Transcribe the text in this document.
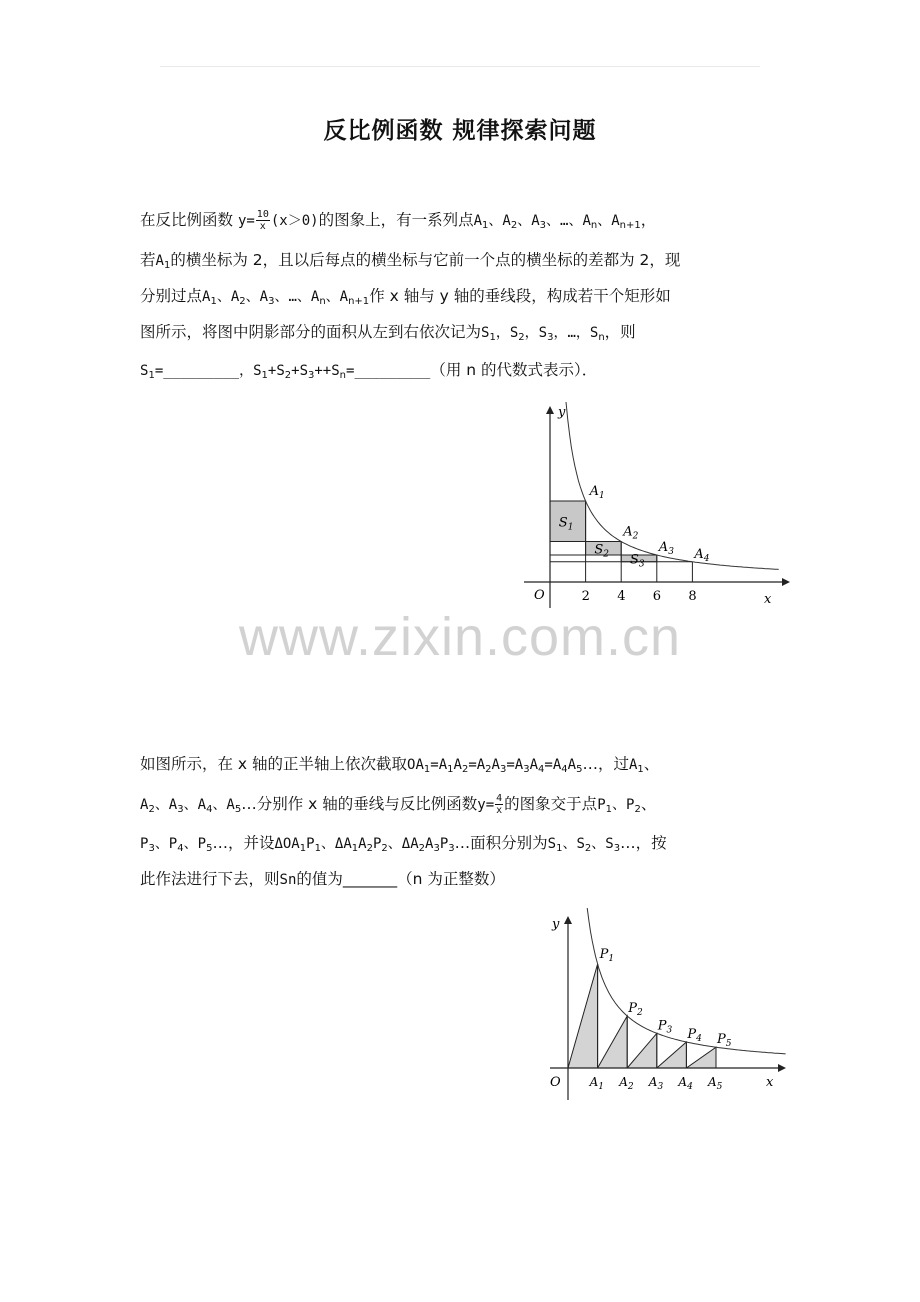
反比例函数 规律探索问题
在反比例函数 $y= \frac{10}{x} (x>0)$的图象上，有一系列点$A_1$、$A_2$、$A_3$、…、$A_n$、$A_{n+1}$，
若$A_1$的横坐标为 2，且以后每点的横坐标与它前一个点的横坐标的差都为 2，现
分别过点$A_1$、$A_2$、$A_3$、…、$A_n$、$A_{n+1}$作 x 轴与 y 轴的垂线段，构成若干个矩形如
图所示，将图中阴影部分的面积从左到右依次记为$S_1$，$S_2$，$S_3$，…，$S_n$，则
$S_1=\_\_\_\_\_\_\_\_\_$，$S_1+S_2+S_3++S_n=\_\_\_\_\_\_\_\_\_$（用 n 的代数式表示）．
y
x
O
$A_1$
$A_2$
$A_3$ $A_4$
$S_1$
$S_2$ $S_3$
2 4 6 8
www.zixin.com.cn
如图所示，在 x 轴的正半轴上依次截取$OA_1=A_1A_2=A_2A_3=A_3A_4=A_4A_5\dots$，过$A_1$、
$A_2$、$A_3$、$A_4$、$A_5\dots$分别作 x 轴的垂线与反比例函数$y= \frac{4}{x}$ 的图象交于点$P_1$、$P_2$、
$P_3$、$P_4$、$P_5\dots$，并设$\Delta OA_1P_1$、$\Delta A_1A_2P_2$、$\Delta A_2A_3P_3\dots$面积分别为$S_1$、$S_2$、$S_3\dots$，按
此作法进行下去，则Sn的值为_______（n 为正整数）
y
x
O
$P_1$
$A_1$
$P_2$
$A_2$
$P_3$
$A_3$
$P_4$
$A_4$
$P_5$
$A_5$
